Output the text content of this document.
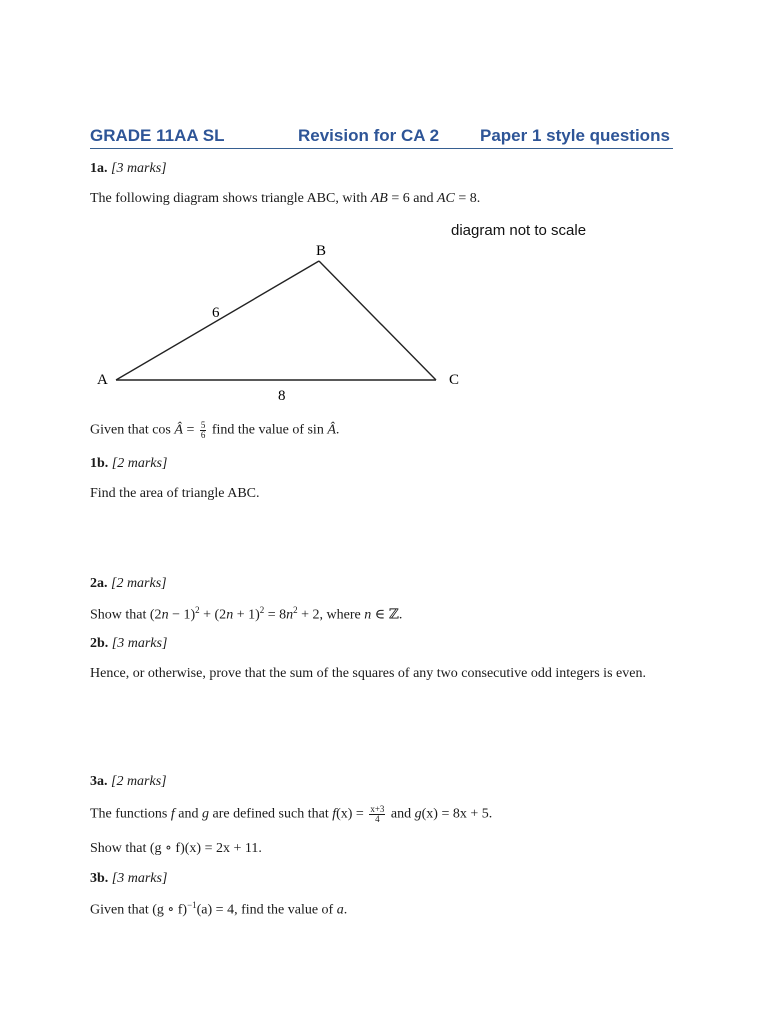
GRADE 11AA SL	Revision for CA 2 Paper 1 style questions
1a. [3 marks]
The following diagram shows triangle ABC, with AB = 6 and AC = 8.
diagram not to scale
A
B
C
6
8
Given that cos Â = $\frac{5}{6}$ find the value of sin Â.
1b. [2 marks]
Find the area of triangle ABC.
2a. [2 marks]
Show that $(2n - 1)^2 + (2n + 1)^2 = 8n^2 + 2$, where n ∈ ℤ.
2b. [3 marks]
Hence, or otherwise, prove that the sum of the squares of any two consecutive odd integers is even.
3a. [2 marks]
The functions f and g are defined such that $f(x) = \frac{x+3}{4}$ and g(x) = 8x + 5.
Show that (g ∘ f)(x) = 2x + 11.
3b. [3 marks]
Given that (g ∘ f)$^{-1}$(a) = 4, find the value of a.
